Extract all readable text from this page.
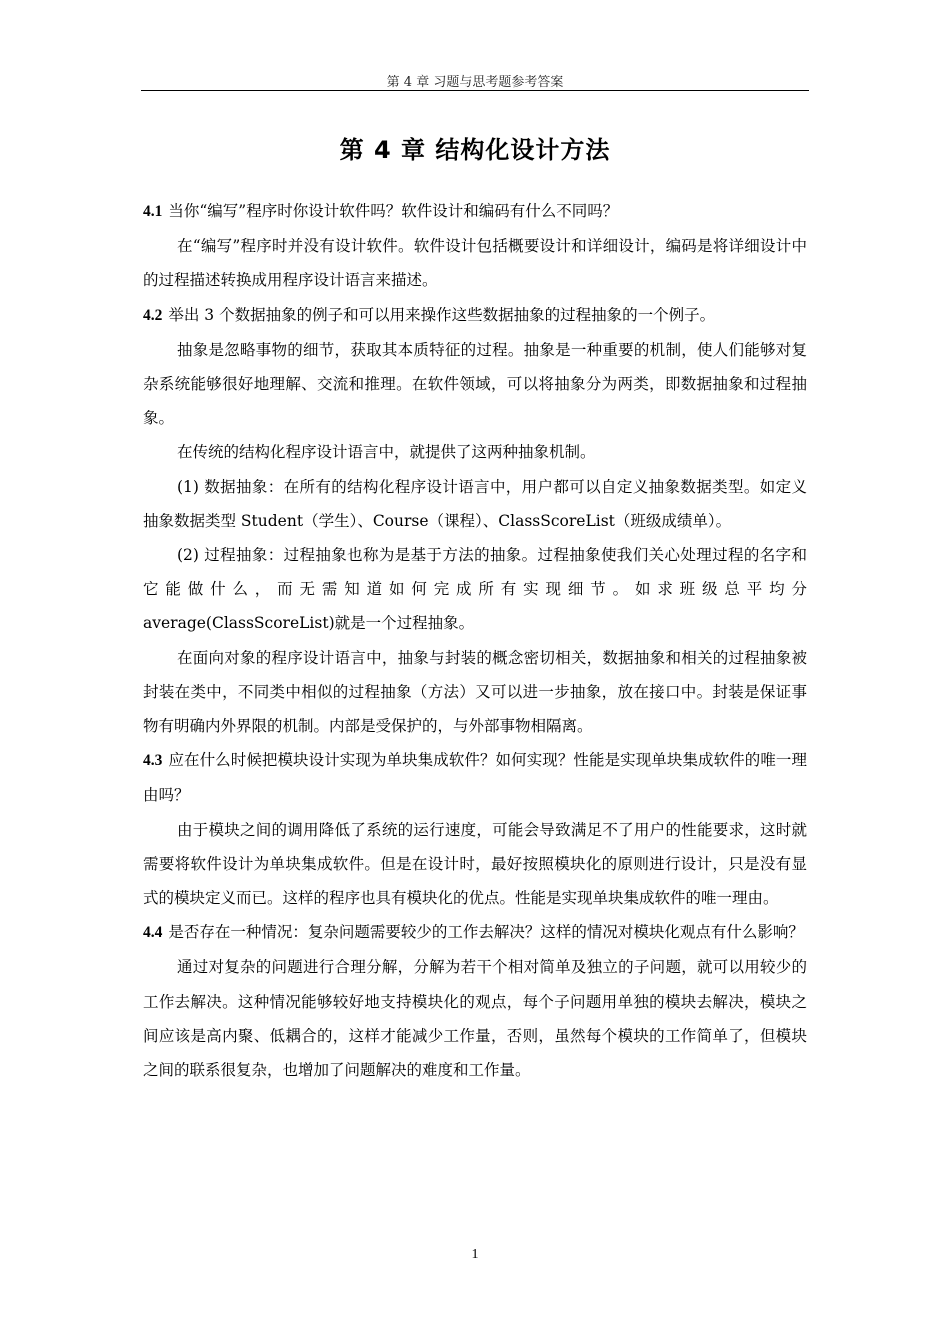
第 4 章 习题与思考题参考答案
第 4 章 结构化设计方法

4.1 当你“编写”程序时你设计软件吗？软件设计和编码有什么不同吗？

在“编写”程序时并没有设计软件。软件设计包括概要设计和详细设计，编码是将详细设计中的过程描述转换成用程序设计语言来描述。

4.2 举出 3 个数据抽象的例子和可以用来操作这些数据抽象的过程抽象的一个例子。

抽象是忽略事物的细节，获取其本质特征的过程。抽象是一种重要的机制，使人们能够对复杂系统能够很好地理解、交流和推理。在软件领域，可以将抽象分为两类，即数据抽象和过程抽象。

在传统的结构化程序设计语言中，就提供了这两种抽象机制。

(1) 数据抽象：在所有的结构化程序设计语言中，用户都可以自定义抽象数据类型。如定义抽象数据类型 Student（学生）、Course（课程）、ClassScoreList（班级成绩单）。

(2) 过程抽象：过程抽象也称为是基于方法的抽象。过程抽象使我们关心处理过程的名字和它能做什么，而无需知道如何完成所有实现细节。如求班级总平均分

average(ClassScoreList)就是一个过程抽象。

在面向对象的程序设计语言中，抽象与封装的概念密切相关，数据抽象和相关的过程抽象被封装在类中，不同类中相似的过程抽象（方法）又可以进一步抽象，放在接口中。封装是保证事物有明确内外界限的机制。内部是受保护的，与外部事物相隔离。

4.3 应在什么时候把模块设计实现为单块集成软件？如何实现？性能是实现单块集成软件的唯一理由吗？

由于模块之间的调用降低了系统的运行速度，可能会导致满足不了用户的性能要求，这时就需要将软件设计为单块集成软件。但是在设计时，最好按照模块化的原则进行设计，只是没有显式的模块定义而已。这样的程序也具有模块化的优点。性能是实现单块集成软件的唯一理由。

4.4 是否存在一种情况：复杂问题需要较少的工作去解决？这样的情况对模块化观点有什么影响？

通过对复杂的问题进行合理分解，分解为若干个相对简单及独立的子问题，就可以用较少的工作去解决。这种情况能够较好地支持模块化的观点，每个子问题用单独的模块去解决，模块之间应该是高内聚、低耦合的，这样才能减少工作量，否则，虽然每个模块的工作简单了，但模块之间的联系很复杂，也增加了问题解决的难度和工作量。

1
